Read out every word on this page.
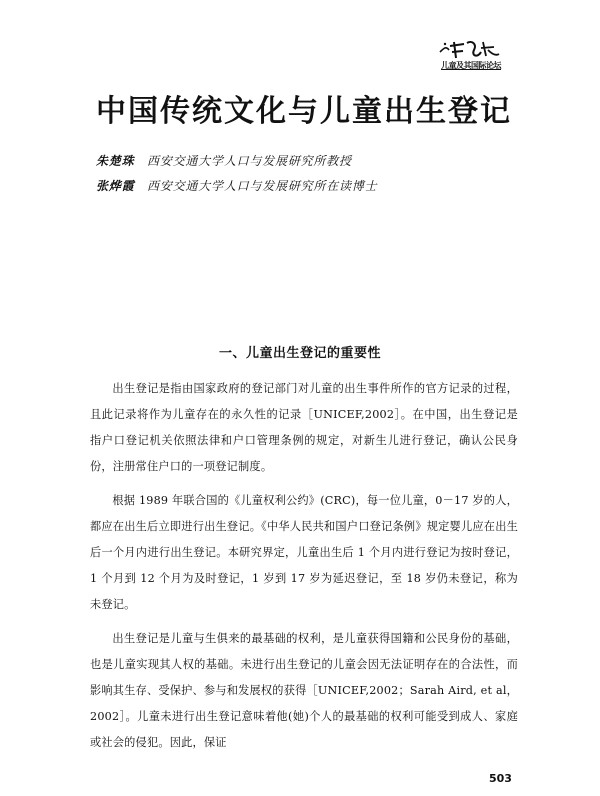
儿童及其国际论坛
中国传统文化与儿童出生登记
朱楚珠 西安交通大学人口与发展研究所教授
张烨霞 西安交通大学人口与发展研究所在读博士
一、儿童出生登记的重要性

出生登记是指由国家政府的登记部门对儿童的出生事件所作的官方记录的过程，且此记录将作为儿童存在的永久性的记录［UNICEF,2002］。在中国，出生登记是指户口登记机关依照法律和户口管理条例的规定，对新生儿进行登记，确认公民身份，注册常住户口的一项登记制度。

根据 1989 年联合国的《儿童权利公约》(CRC)，每一位儿童，0－17 岁的人，都应在出生后立即进行出生登记。《中华人民共和国户口登记条例》规定婴儿应在出生后一个月内进行出生登记。本研究界定，儿童出生后 1 个月内进行登记为按时登记，1 个月到 12 个月为及时登记，1 岁到 17 岁为延迟登记，至 18 岁仍未登记，称为未登记。

出生登记是儿童与生俱来的最基础的权利，是儿童获得国籍和公民身份的基础，也是儿童实现其人权的基础。未进行出生登记的儿童会因无法证明存在的合法性，而影响其生存、受保护、参与和发展权的获得［UNICEF,2002；Sarah Aird, et al，2002］。儿童未进行出生登记意味着他(她)个人的最基础的权利可能受到成人、家庭或社会的侵犯。因此，保证

503
